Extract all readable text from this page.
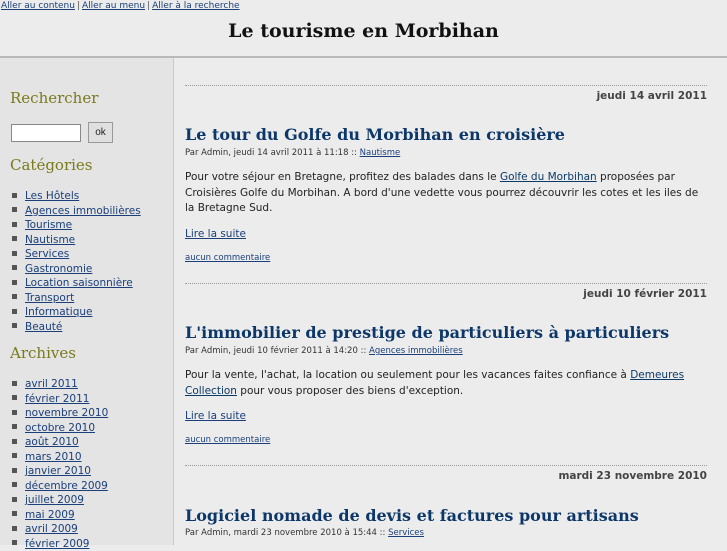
Aller au contenu | Aller au menu | Aller à la recherche
Le tourisme en Morbihan
Rechercher
ok
Catégories
Les Hôtels
Agences immobilières
Tourisme
Nautisme
Services
Gastronomie
Location saisonnière
Transport
Informatique
Beauté
Archives
avril 2011
février 2011
novembre 2010
octobre 2010
août 2010
mars 2010
janvier 2010
décembre 2009
juillet 2009
mai 2009
avril 2009
février 2009
jeudi 14 avril 2011
Le tour du Golfe du Morbihan en croisière
Par Admin, jeudi 14 avril 2011 à 11:18 :: Nautisme

Pour votre séjour en Bretagne, profitez des balades dans le Golfe du Morbihan proposées par Croisières Golfe du Morbihan. A bord d'une vedette vous pourrez découvrir les cotes et les iles de la Bretagne Sud.

Lire la suite
aucun commentaire
jeudi 10 février 2011
L'immobilier de prestige de particuliers à particuliers
Par Admin, jeudi 10 février 2011 à 14:20 :: Agences immobilières

Pour la vente, l'achat, la location ou seulement pour les vacances faites confiance à Demeures Collection pour vous proposer des biens d'exception.

Lire la suite
aucun commentaire
mardi 23 novembre 2010
Logiciel nomade de devis et factures pour artisans
Par Admin, mardi 23 novembre 2010 à 15:44 :: Services
